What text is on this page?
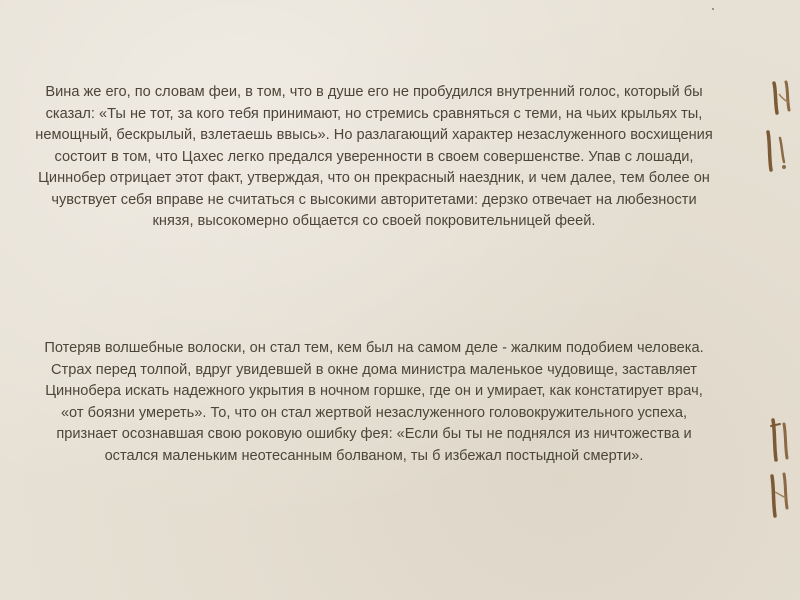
Вина же его, по словам феи, в том, что в душе его не пробудился внутренний голос, который бы сказал: «Ты не тот, за кого тебя принимают, но стремись сравняться с теми, на чьих крыльях ты, немощный, бескрылый, взлетаешь ввысь». Но разлагающий характер незаслуженного восхищения состоит в том, что Цахес легко предался уверенности в своем совершенстве. Упав с лошади, Циннобер отрицает этот факт, утверждая, что он прекрасный наездник, и чем далее, тем более он чувствует себя вправе не считаться с высокими авторитетами: дерзко отвечает на любезности князя, высокомерно общается со своей покровительницей феей.

Потеряв волшебные волоски, он стал тем, кем был на самом деле - жалким подобием человека. Страх перед толпой, вдруг увидевшей в окне дома министра маленькое чудовище, заставляет Циннобера искать надежного укрытия в ночном горшке, где он и умирает, как констатирует врач, «от боязни умереть». То, что он стал жертвой незаслуженного головокружительного успеха, признает осознавшая свою роковую ошибку фея: «Если бы ты не поднялся из ничтожества и остался маленьким неотесанным болваном, ты б избежал постыдной смерти».
